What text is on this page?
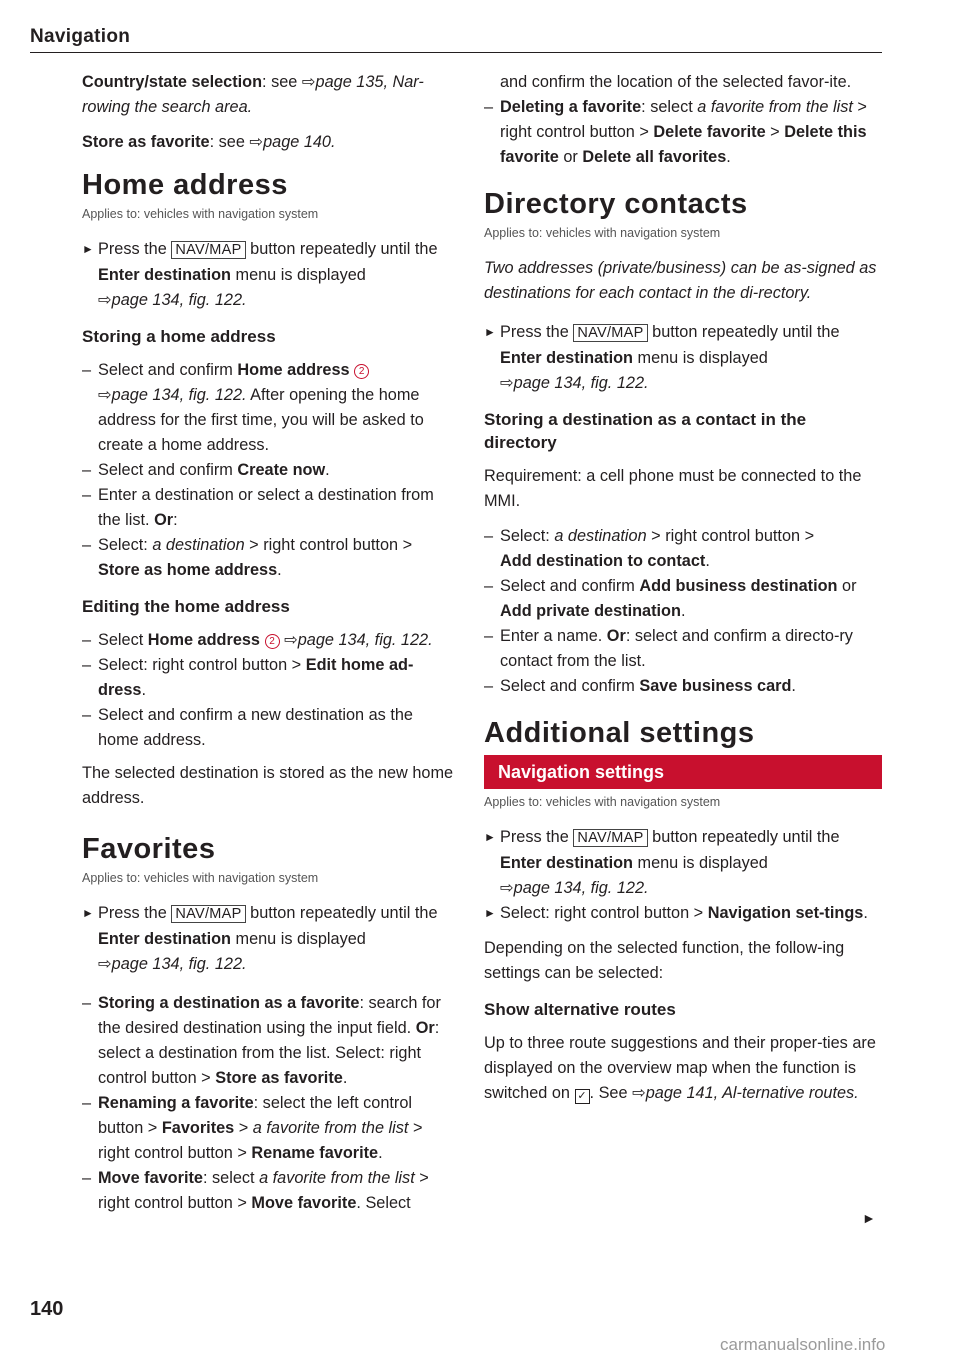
Navigation

Country/state selection: see ⇨page 135, Nar-rowing the search area.

Store as favorite: see ⇨page 140.

Home address
Applies to: vehicles with navigation system
► Press the NAV/MAP button repeatedly until the Enter destination menu is displayed
⇨page 134, fig. 122.
Storing a home address
– Select and confirm Home address 2
⇨page 134, fig. 122. After opening the home address for the first time, you will be asked to create a home address.
– Select and confirm Create now.
– Enter a destination or select a destination from the list. Or:
– Select: a destination > right control button >
Store as home address.
Editing the home address
– Select Home address 2 ⇨page 134, fig. 122.
– Select: right control button > Edit home ad-dress.
– Select and confirm a new destination as the home address.

The selected destination is stored as the new home address.

Favorites
Applies to: vehicles with navigation system
► Press the NAV/MAP button repeatedly until the Enter destination menu is displayed
⇨page 134, fig. 122.
– Storing a destination as a favorite: search for the desired destination using the input field. Or: select a destination from the list. Select: right control button > Store as favorite.
– Renaming a favorite: select the left control button > Favorites > a favorite from the list > right control button > Rename favorite.
– Move favorite: select a favorite from the list > right control button > Move favorite. Select
and confirm the location of the selected favor-ite.
– Deleting a favorite: select a favorite from the list > right control button > Delete favorite > Delete this favorite or Delete all favorites.
Directory contacts
Applies to: vehicles with navigation system

Two addresses (private/business) can be as-signed as destinations for each contact in the di-rectory.

► Press the NAV/MAP button repeatedly until the Enter destination menu is displayed
⇨page 134, fig. 122.
Storing a destination as a contact in the directory

Requirement: a cell phone must be connected to the MMI.

– Select: a destination > right control button >
Add destination to contact.
– Select and confirm Add business destination or
Add private destination.
– Enter a name. Or: select and confirm a directo-ry contact from the list.
– Select and confirm Save business card.
Additional settings
Navigation settings
Applies to: vehicles with navigation system
► Press the NAV/MAP button repeatedly until the Enter destination menu is displayed
⇨page 134, fig. 122.
► Select: right control button > Navigation set-tings.

Depending on the selected function, the follow-ing settings can be selected:

Show alternative routes

Up to three route suggestions and their proper-ties are displayed on the overview map when the function is switched on ✓ . See ⇨page 141, Al-ternative routes.

►
140
carmanualsonline.info
